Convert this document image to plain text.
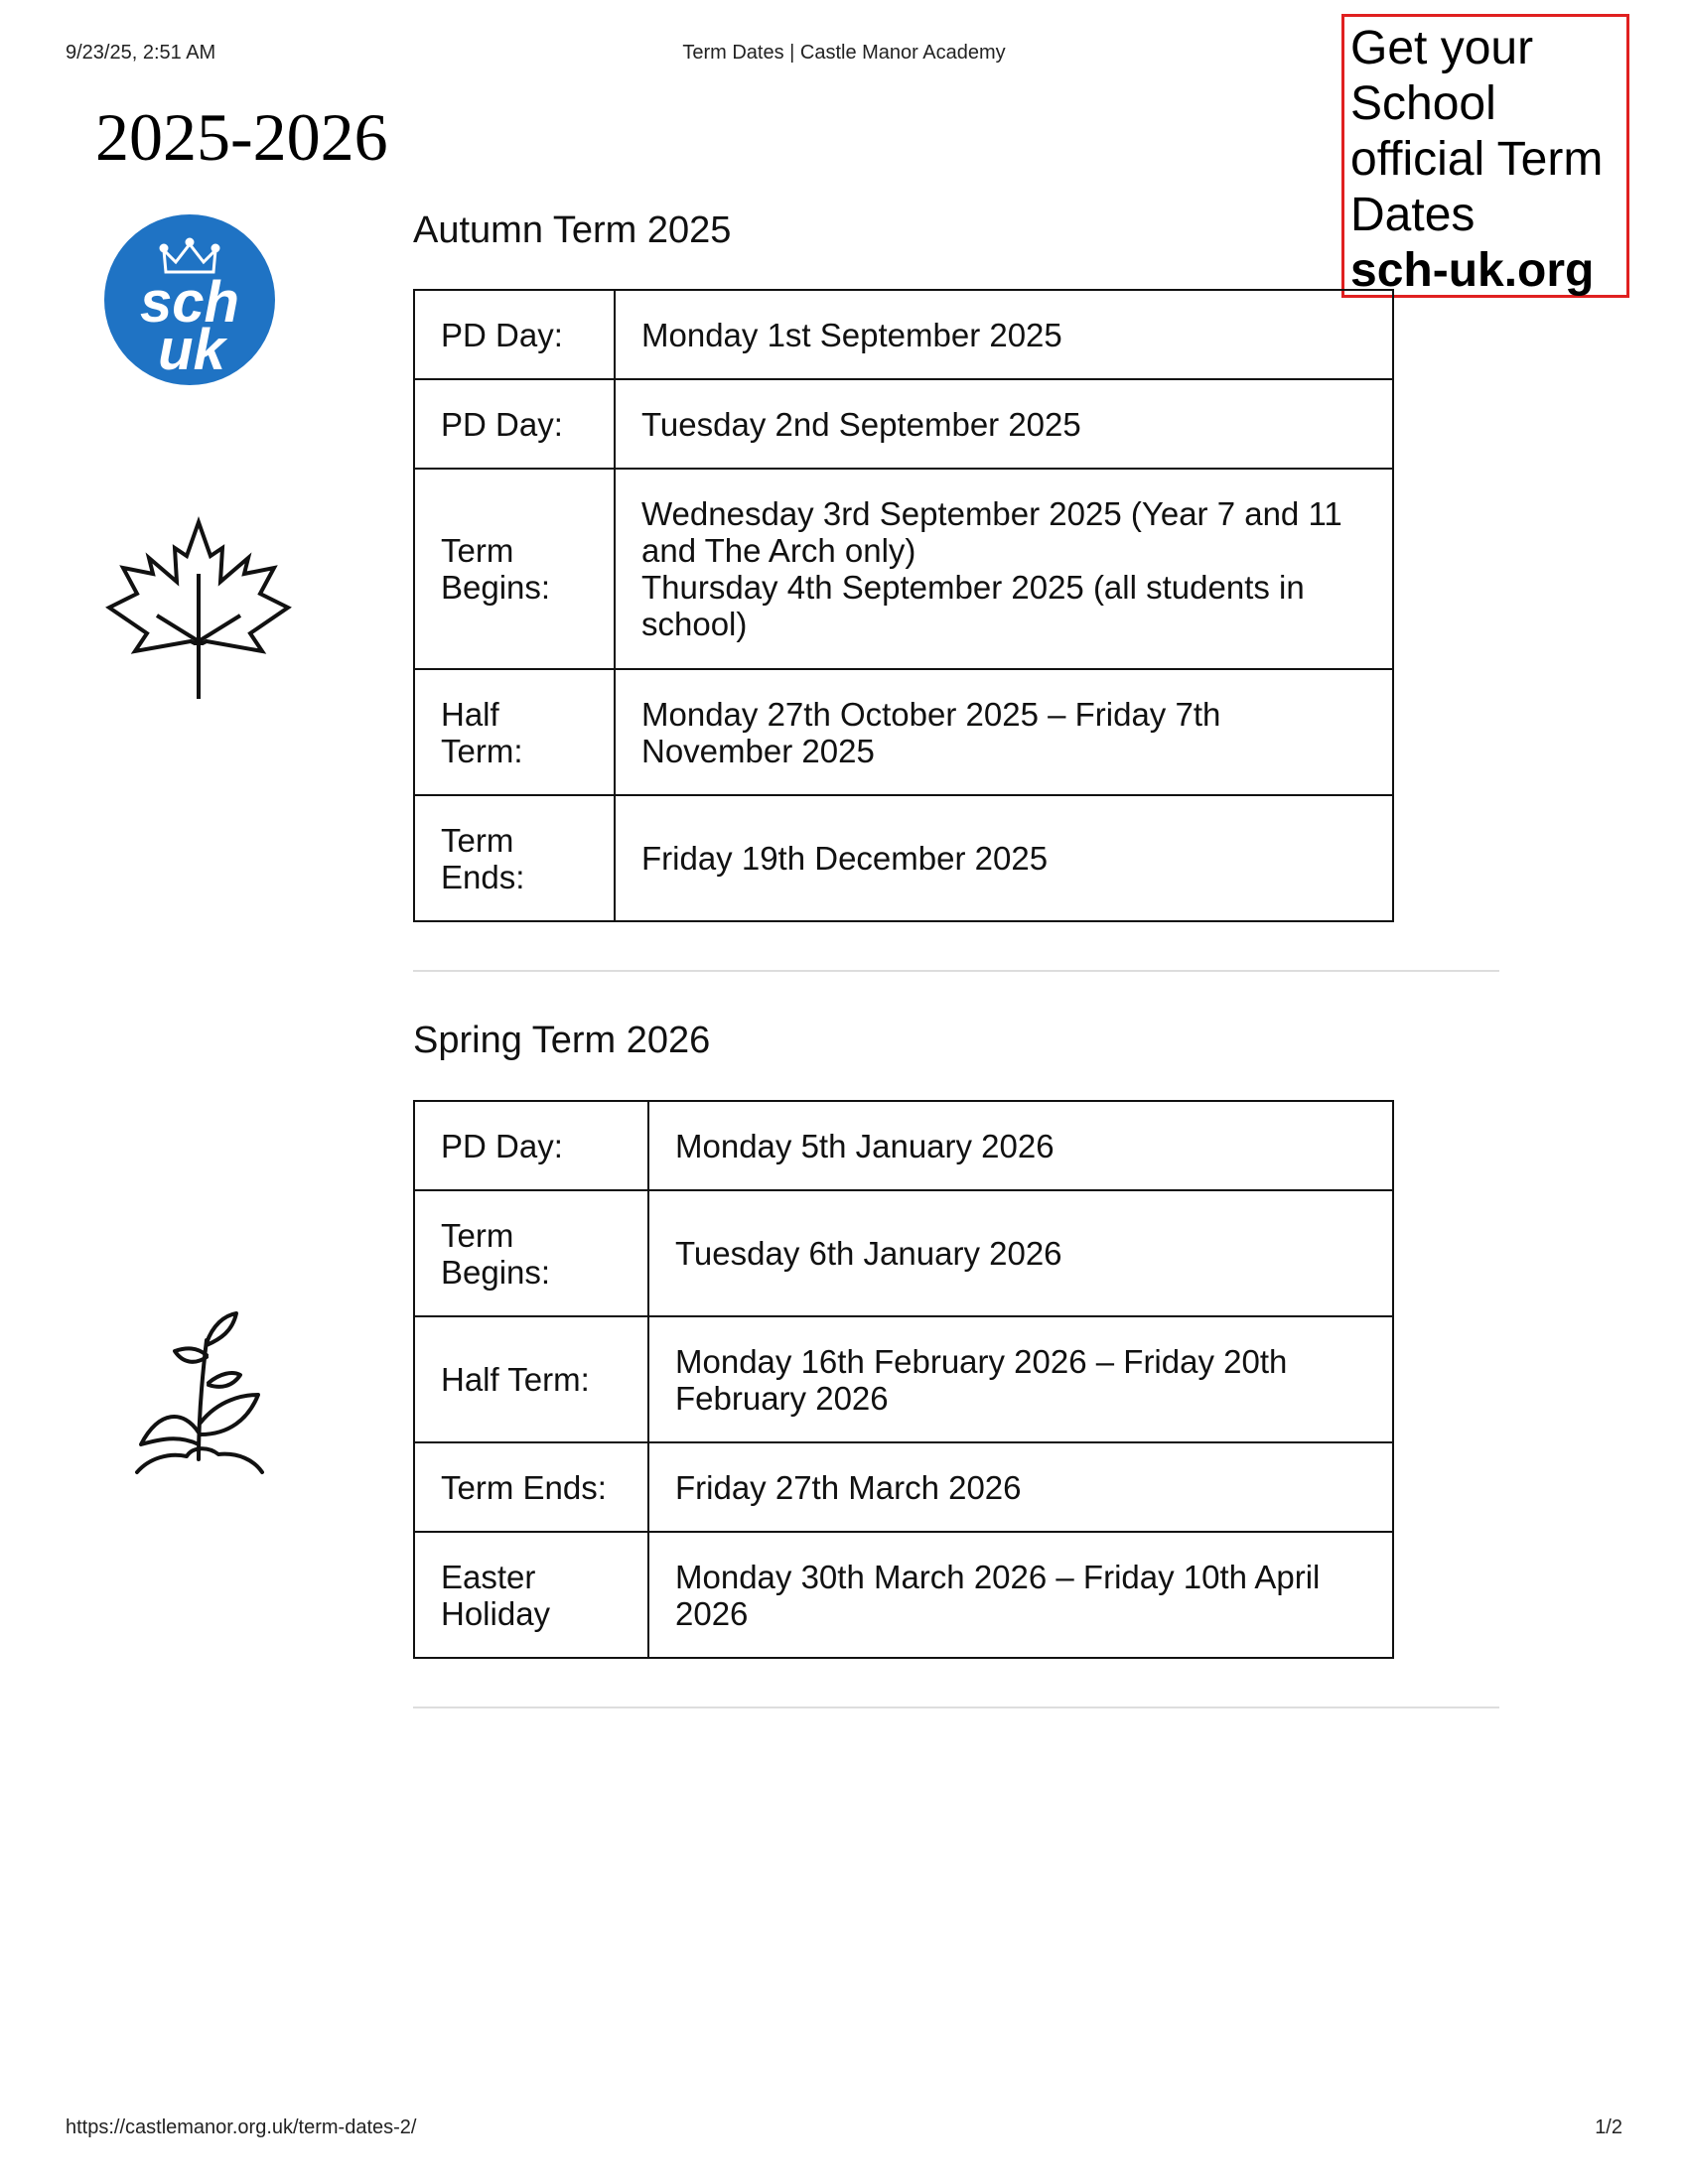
9/23/25, 2:51 AM	Term Dates | Castle Manor Academy	Get your School official Term Dates
sch-uk.org
2025-2026
sch
uk
Autumn Term 2025
PD Day:	Monday 1st September 2025

PD Day:	Tuesday 2nd September 2025

Term Begins:	Wednesday 3rd September 2025 (Year 7 and 11 and The Arch only)
Thursday 4th September 2025 (all students in school)

Half Term:	Monday 27th October 2025 – Friday 7th November 2025

Term Ends:	Friday 19th December 2025
Spring Term 2026
PD Day:	Monday 5th January 2026

Term Begins:	Tuesday 6th January 2026

Half Term:	Monday 16th February 2026 – Friday 20th February 2026

Term Ends:	Friday 27th March 2026

Easter Holiday	Monday 30th March 2026 – Friday 10th April 2026
https://castlemanor.org.uk/term-dates-2/	1/2
